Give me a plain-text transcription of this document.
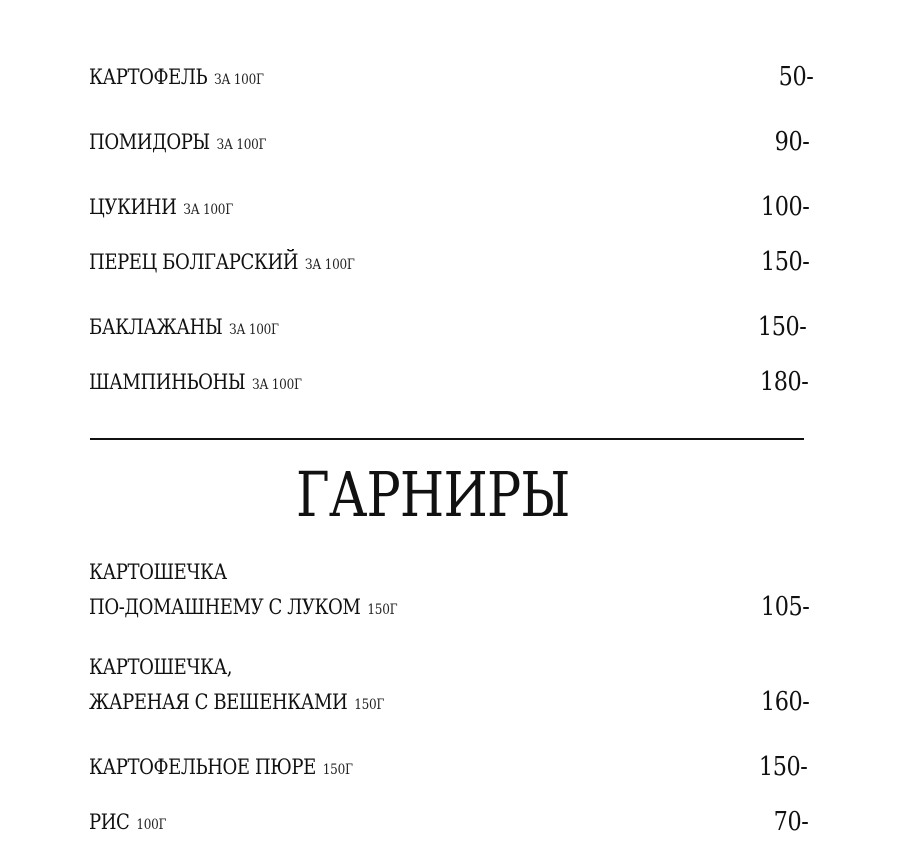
КАРТОФЕЛЬ ЗА 100Г	50-
ПОМИДОРЫ ЗА 100Г	90-
ЦУКИНИ ЗА 100Г	100-
ПЕРЕЦ БОЛГАРСКИЙ ЗА 100Г	150-
БАКЛАЖАНЫ ЗА 100Г	150-
ШАМПИНЬОНЫ ЗА 100Г	180-
ГАРНИРЫ
КАРТОШЕЧКА
ПО-ДОМАШНЕМУ С ЛУКОМ 150Г	105-
КАРТОШЕЧКА,
ЖАРЕНАЯ С ВЕШЕНКАМИ 150Г	160-
КАРТОФЕЛЬНОЕ ПЮРЕ 150Г	150-
РИС 100Г	70-
